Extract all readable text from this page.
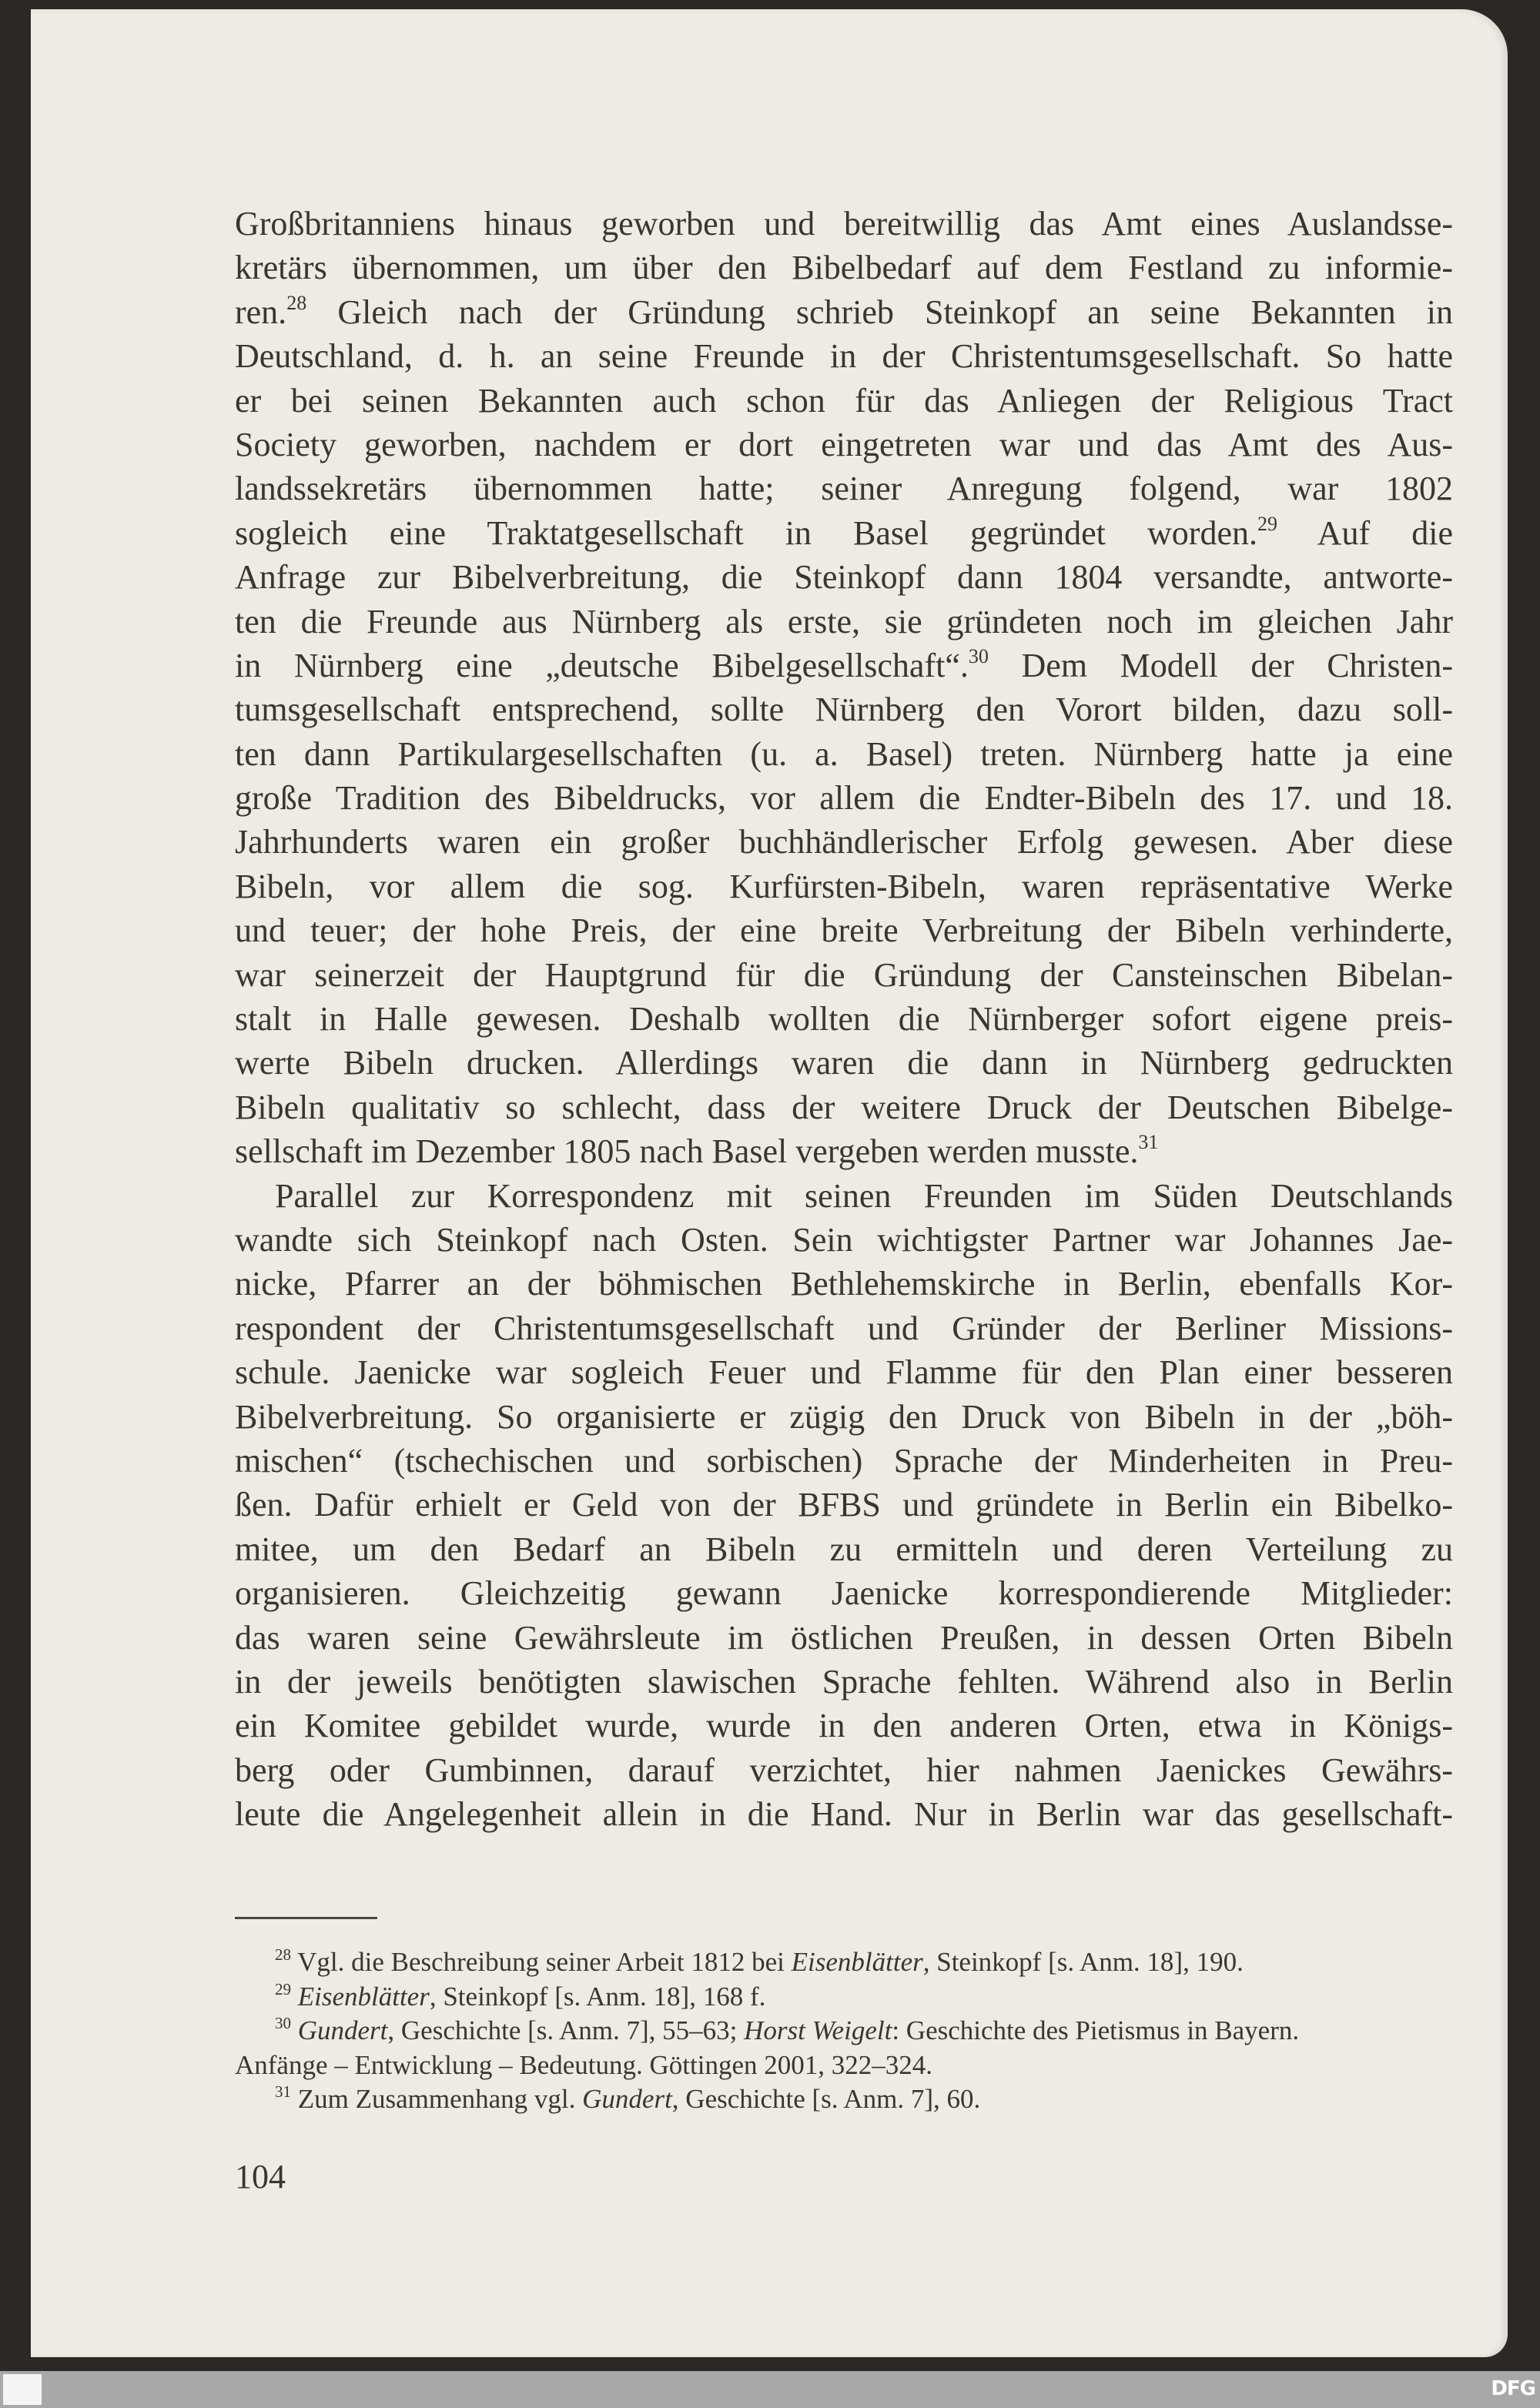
Großbritanniens hinaus geworben und bereitwillig das Amt eines Auslandsse-
kretärs übernommen, um über den Bibelbedarf auf dem Festland zu informie-
ren.$^{28}$ Gleich nach der Gründung schrieb Steinkopf an seine Bekannten in
Deutschland, d. h. an seine Freunde in der Christentumsgesellschaft. So hatte
er bei seinen Bekannten auch schon für das Anliegen der Religious Tract
Society geworben, nachdem er dort eingetreten war und das Amt des Aus-
landssekretärs übernommen hatte; seiner Anregung folgend, war 1802
sogleich eine Traktatgesellschaft in Basel gegründet worden.$^{29}$ Auf die
Anfrage zur Bibelverbreitung, die Steinkopf dann 1804 versandte, antworte-
ten die Freunde aus Nürnberg als erste, sie gründeten noch im gleichen Jahr
in Nürnberg eine „deutsche Bibelgesellschaft“.$^{30}$ Dem Modell der Christen-
tumsgesellschaft entsprechend, sollte Nürnberg den Vorort bilden, dazu soll-
ten dann Partikulargesellschaften (u. a. Basel) treten. Nürnberg hatte ja eine
große Tradition des Bibeldrucks, vor allem die Endter-Bibeln des 17. und 18.
Jahrhunderts waren ein großer buchhändlerischer Erfolg gewesen. Aber diese
Bibeln, vor allem die sog. Kurfürsten-Bibeln, waren repräsentative Werke
und teuer; der hohe Preis, der eine breite Verbreitung der Bibeln verhinderte,
war seinerzeit der Hauptgrund für die Gründung der Cansteinschen Bibelan-
stalt in Halle gewesen. Deshalb wollten die Nürnberger sofort eigene preis-
werte Bibeln drucken. Allerdings waren die dann in Nürnberg gedruckten
Bibeln qualitativ so schlecht, dass der weitere Druck der Deutschen Bibelge-
sellschaft im Dezember 1805 nach Basel vergeben werden musste.$^{31}$
Parallel zur Korrespondenz mit seinen Freunden im Süden Deutschlands
wandte sich Steinkopf nach Osten. Sein wichtigster Partner war Johannes Jae-
nicke, Pfarrer an der böhmischen Bethlehemskirche in Berlin, ebenfalls Kor-
respondent der Christentumsgesellschaft und Gründer der Berliner Missions-
schule. Jaenicke war sogleich Feuer und Flamme für den Plan einer besseren
Bibelverbreitung. So organisierte er zügig den Druck von Bibeln in der „böh-
mischen“ (tschechischen und sorbischen) Sprache der Minderheiten in Preu-
ßen. Dafür erhielt er Geld von der BFBS und gründete in Berlin ein Bibelko-
mitee, um den Bedarf an Bibeln zu ermitteln und deren Verteilung zu
organisieren. Gleichzeitig gewann Jaenicke korrespondierende Mitglieder:
das waren seine Gewährsleute im östlichen Preußen, in dessen Orten Bibeln
in der jeweils benötigten slawischen Sprache fehlten. Während also in Berlin
ein Komitee gebildet wurde, wurde in den anderen Orten, etwa in Königs-
berg oder Gumbinnen, darauf verzichtet, hier nahmen Jaenickes Gewährs-
leute die Angelegenheit allein in die Hand. Nur in Berlin war das gesellschaft-
$^{28}$ Vgl. die Beschreibung seiner Arbeit 1812 bei Eisenblätter, Steinkopf [s. Anm. 18], 190.
$^{29}$ Eisenblätter, Steinkopf [s. Anm. 18], 168 f.
$^{30}$ Gundert, Geschichte [s. Anm. 7], 55–63; Horst Weigelt: Geschichte des Pietismus in Bayern.
Anfänge – Entwicklung – Bedeutung. Göttingen 2001, 322–324.
$^{31}$ Zum Zusammenhang vgl. Gundert, Geschichte [s. Anm. 7], 60.
104
DFG
